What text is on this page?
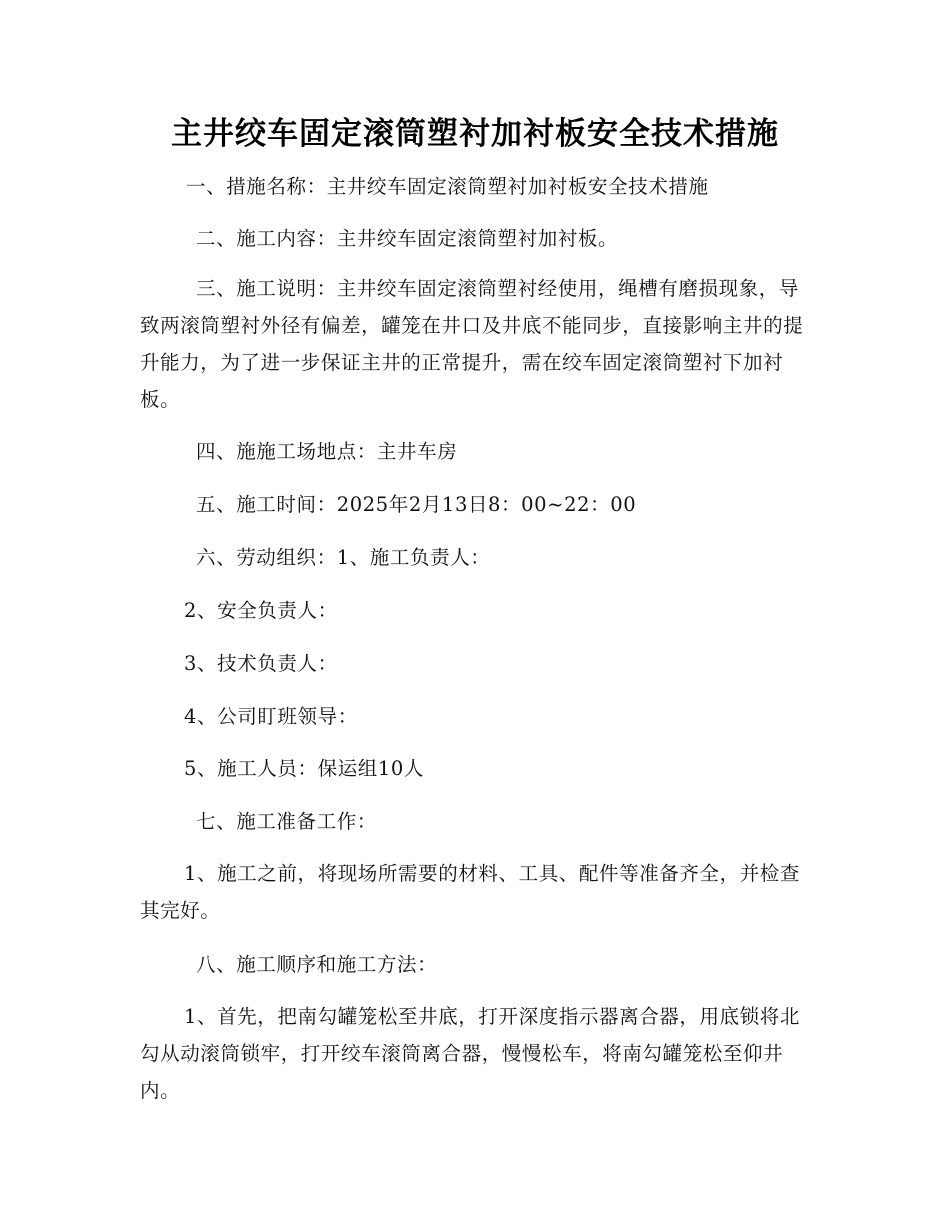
主井绞车固定滚筒塑衬加衬板安全技术措施

一、措施名称：主井绞车固定滚筒塑衬加衬板安全技术措施

二、施工内容：主井绞车固定滚筒塑衬加衬板。

三、施工说明：主井绞车固定滚筒塑衬经使用，绳槽有磨损现象，导致两滚筒塑衬外径有偏差，罐笼在井口及井底不能同步，直接影响主井的提升能力，为了进一步保证主井的正常提升，需在绞车固定滚筒塑衬下加衬板。

四、施施工场地点：主井车房

五、施工时间：2025年2月13日8：00~22：00

六、劳动组织：1、施工负责人：

2、安全负责人：

3、技术负责人：

4、公司盯班领导：

5、施工人员：保运组10人

七、施工准备工作：

1、施工之前，将现场所需要的材料、工具、配件等准备齐全，并检查其完好。

八、施工顺序和施工方法：

1、首先，把南勾罐笼松至井底，打开深度指示器离合器，用底锁将北勾从动滚筒锁牢，打开绞车滚筒离合器，慢慢松车，将南勾罐笼松至仰井内。
